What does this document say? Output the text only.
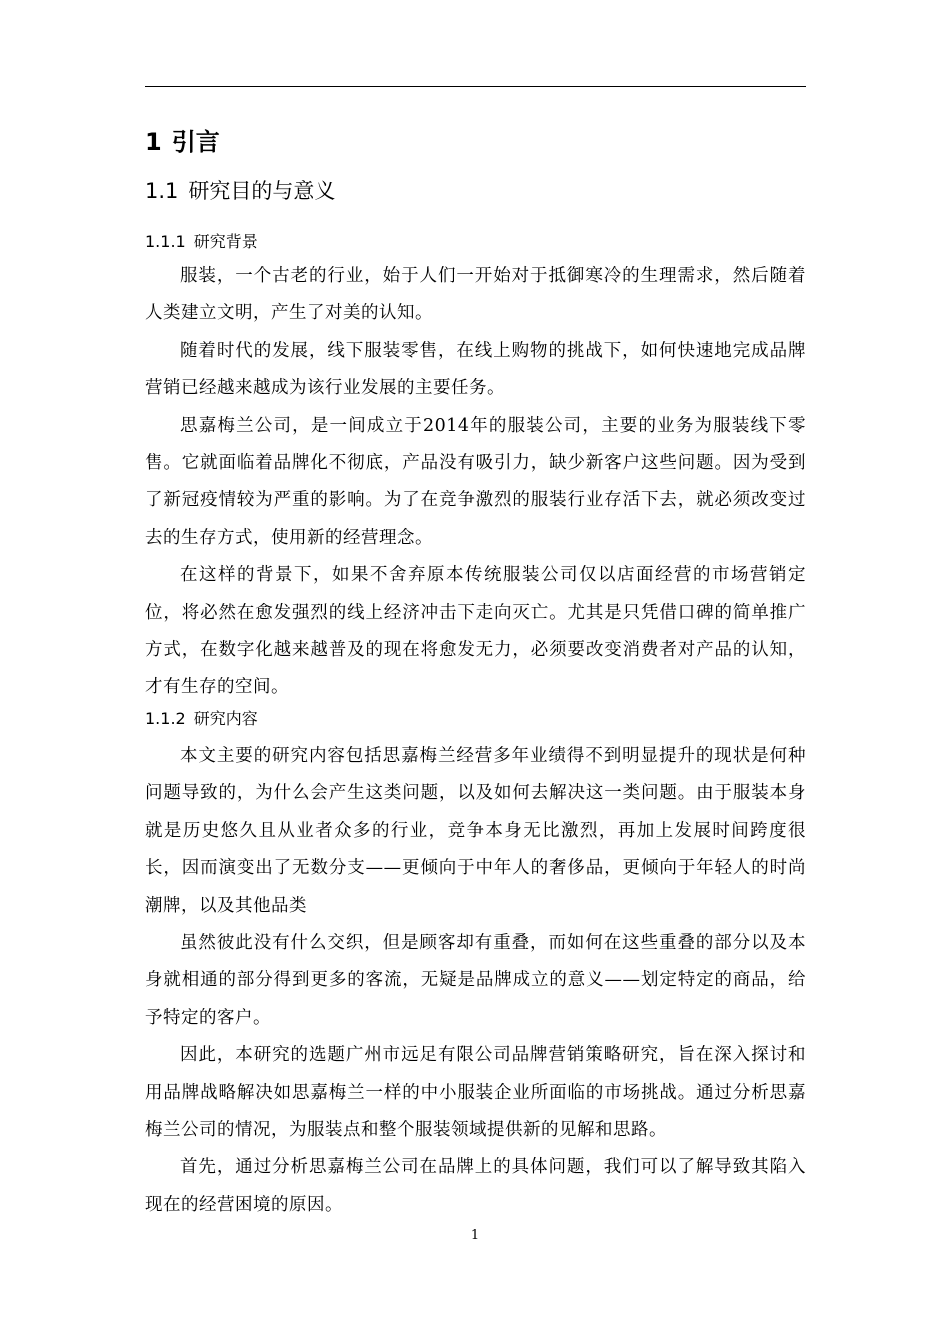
1 引言
1.1 研究目的与意义
1.1.1 研究背景

服装，一个古老的行业，始于人们一开始对于抵御寒冷的生理需求，然后随着人类建立文明，产生了对美的认知。

随着时代的发展，线下服装零售，在线上购物的挑战下，如何快速地完成品牌营销已经越来越成为该行业发展的主要任务。

思嘉梅兰公司，是一间成立于2014年的服装公司，主要的业务为服装线下零售。它就面临着品牌化不彻底，产品没有吸引力，缺少新客户这些问题。因为受到了新冠疫情较为严重的影响。为了在竞争激烈的服装行业存活下去，就必须改变过去的生存方式，使用新的经营理念。

在这样的背景下，如果不舍弃原本传统服装公司仅以店面经营的市场营销定位，将必然在愈发强烈的线上经济冲击下走向灭亡。尤其是只凭借口碑的简单推广方式，在数字化越来越普及的现在将愈发无力，必须要改变消费者对产品的认知，才有生存的空间。

1.1.2 研究内容

本文主要的研究内容包括思嘉梅兰经营多年业绩得不到明显提升的现状是何种问题导致的，为什么会产生这类问题，以及如何去解决这一类问题。由于服装本身就是历史悠久且从业者众多的行业，竞争本身无比激烈，再加上发展时间跨度很长，因而演变出了无数分支——更倾向于中年人的奢侈品，更倾向于年轻人的时尚潮牌，以及其他品类

虽然彼此没有什么交织，但是顾客却有重叠，而如何在这些重叠的部分以及本身就相通的部分得到更多的客流，无疑是品牌成立的意义——划定特定的商品，给予特定的客户。

因此，本研究的选题广州市远足有限公司品牌营销策略研究，旨在深入探讨和用品牌战略解决如思嘉梅兰一样的中小服装企业所面临的市场挑战。通过分析思嘉梅兰公司的情况，为服装点和整个服装领域提供新的见解和思路。

首先，通过分析思嘉梅兰公司在品牌上的具体问题，我们可以了解导致其陷入现在的经营困境的原因。

1
